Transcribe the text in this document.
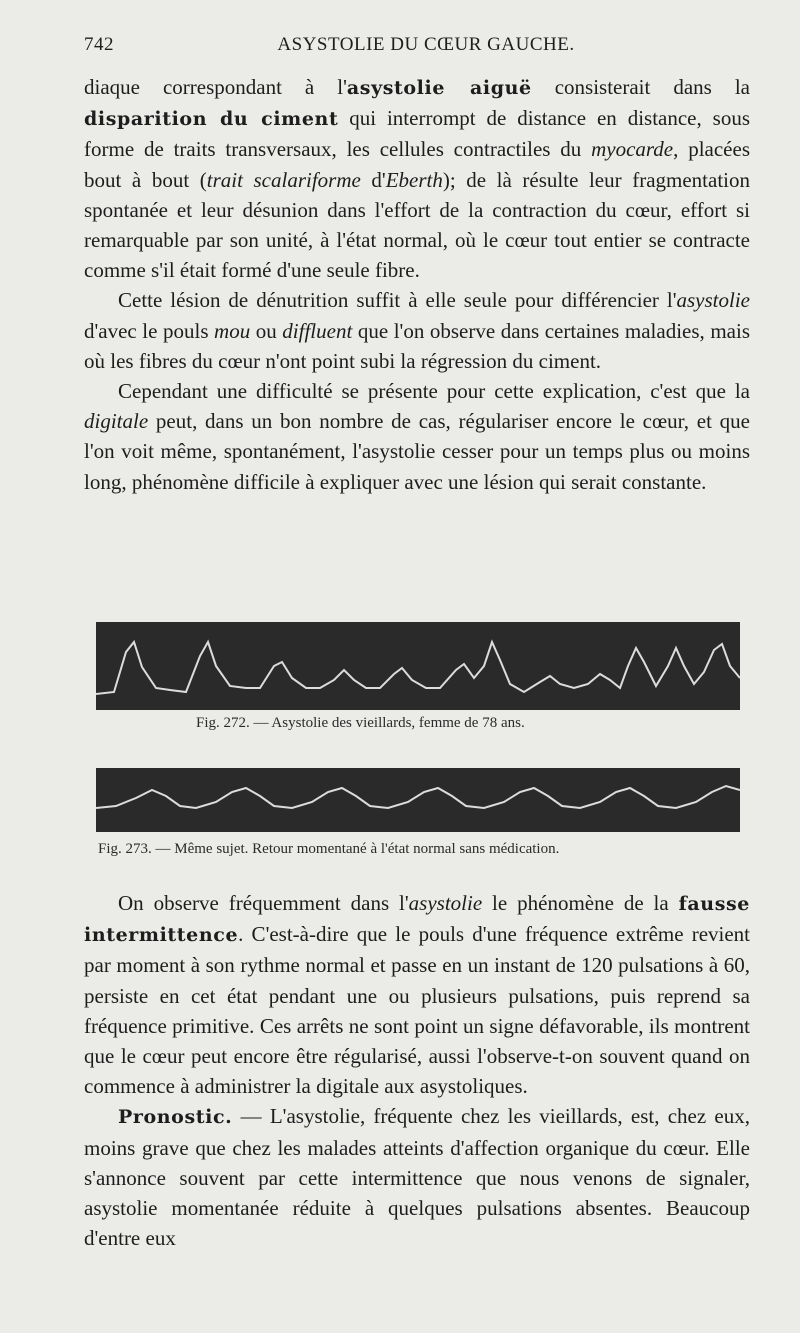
742	ASYSTOLIE DU CŒUR GAUCHE.

diaque correspondant à l'asystolie aiguë consisterait dans la disparition du ciment qui interrompt de distance en distance, sous forme de traits transversaux, les cellules contractiles du myocarde, placées bout à bout (trait scalariforme d'Eberth); de là résulte leur fragmentation spontanée et leur désunion dans l'effort de la contraction du cœur, effort si remarquable par son unité, à l'état normal, où le cœur tout entier se contracte comme s'il était formé d'une seule fibre.

Cette lésion de dénutrition suffit à elle seule pour différencier l'asystolie d'avec le pouls mou ou diffluent que l'on observe dans certaines maladies, mais où les fibres du cœur n'ont point subi la régression du ciment.

Cependant une difficulté se présente pour cette explication, c'est que la digitale peut, dans un bon nombre de cas, régulariser encore le cœur, et que l'on voit même, spontanément, l'asystolie cesser pour un temps plus ou moins long, phénomène difficile à expliquer avec une lésion qui serait constante.

Fig. 272. — Asystolie des vieillards, femme de 78 ans.
Fig. 273. — Même sujet. Retour momentané à l'état normal sans médication.

On observe fréquemment dans l'asystolie le phénomène de la fausse intermittence. C'est-à-dire que le pouls d'une fréquence extrême revient par moment à son rythme normal et passe en un instant de 120 pulsations à 60, persiste en cet état pendant une ou plusieurs pulsations, puis reprend sa fréquence primitive. Ces arrêts ne sont point un signe défavorable, ils montrent que le cœur peut encore être régularisé, aussi l'observe-t-on souvent quand on commence à administrer la digitale aux asystoliques.

Pronostic. — L'asystolie, fréquente chez les vieillards, est, chez eux, moins grave que chez les malades atteints d'affection organique du cœur. Elle s'annonce souvent par cette intermittence que nous venons de signaler, asystolie momentanée réduite à quelques pulsations absentes. Beaucoup d'entre eux
